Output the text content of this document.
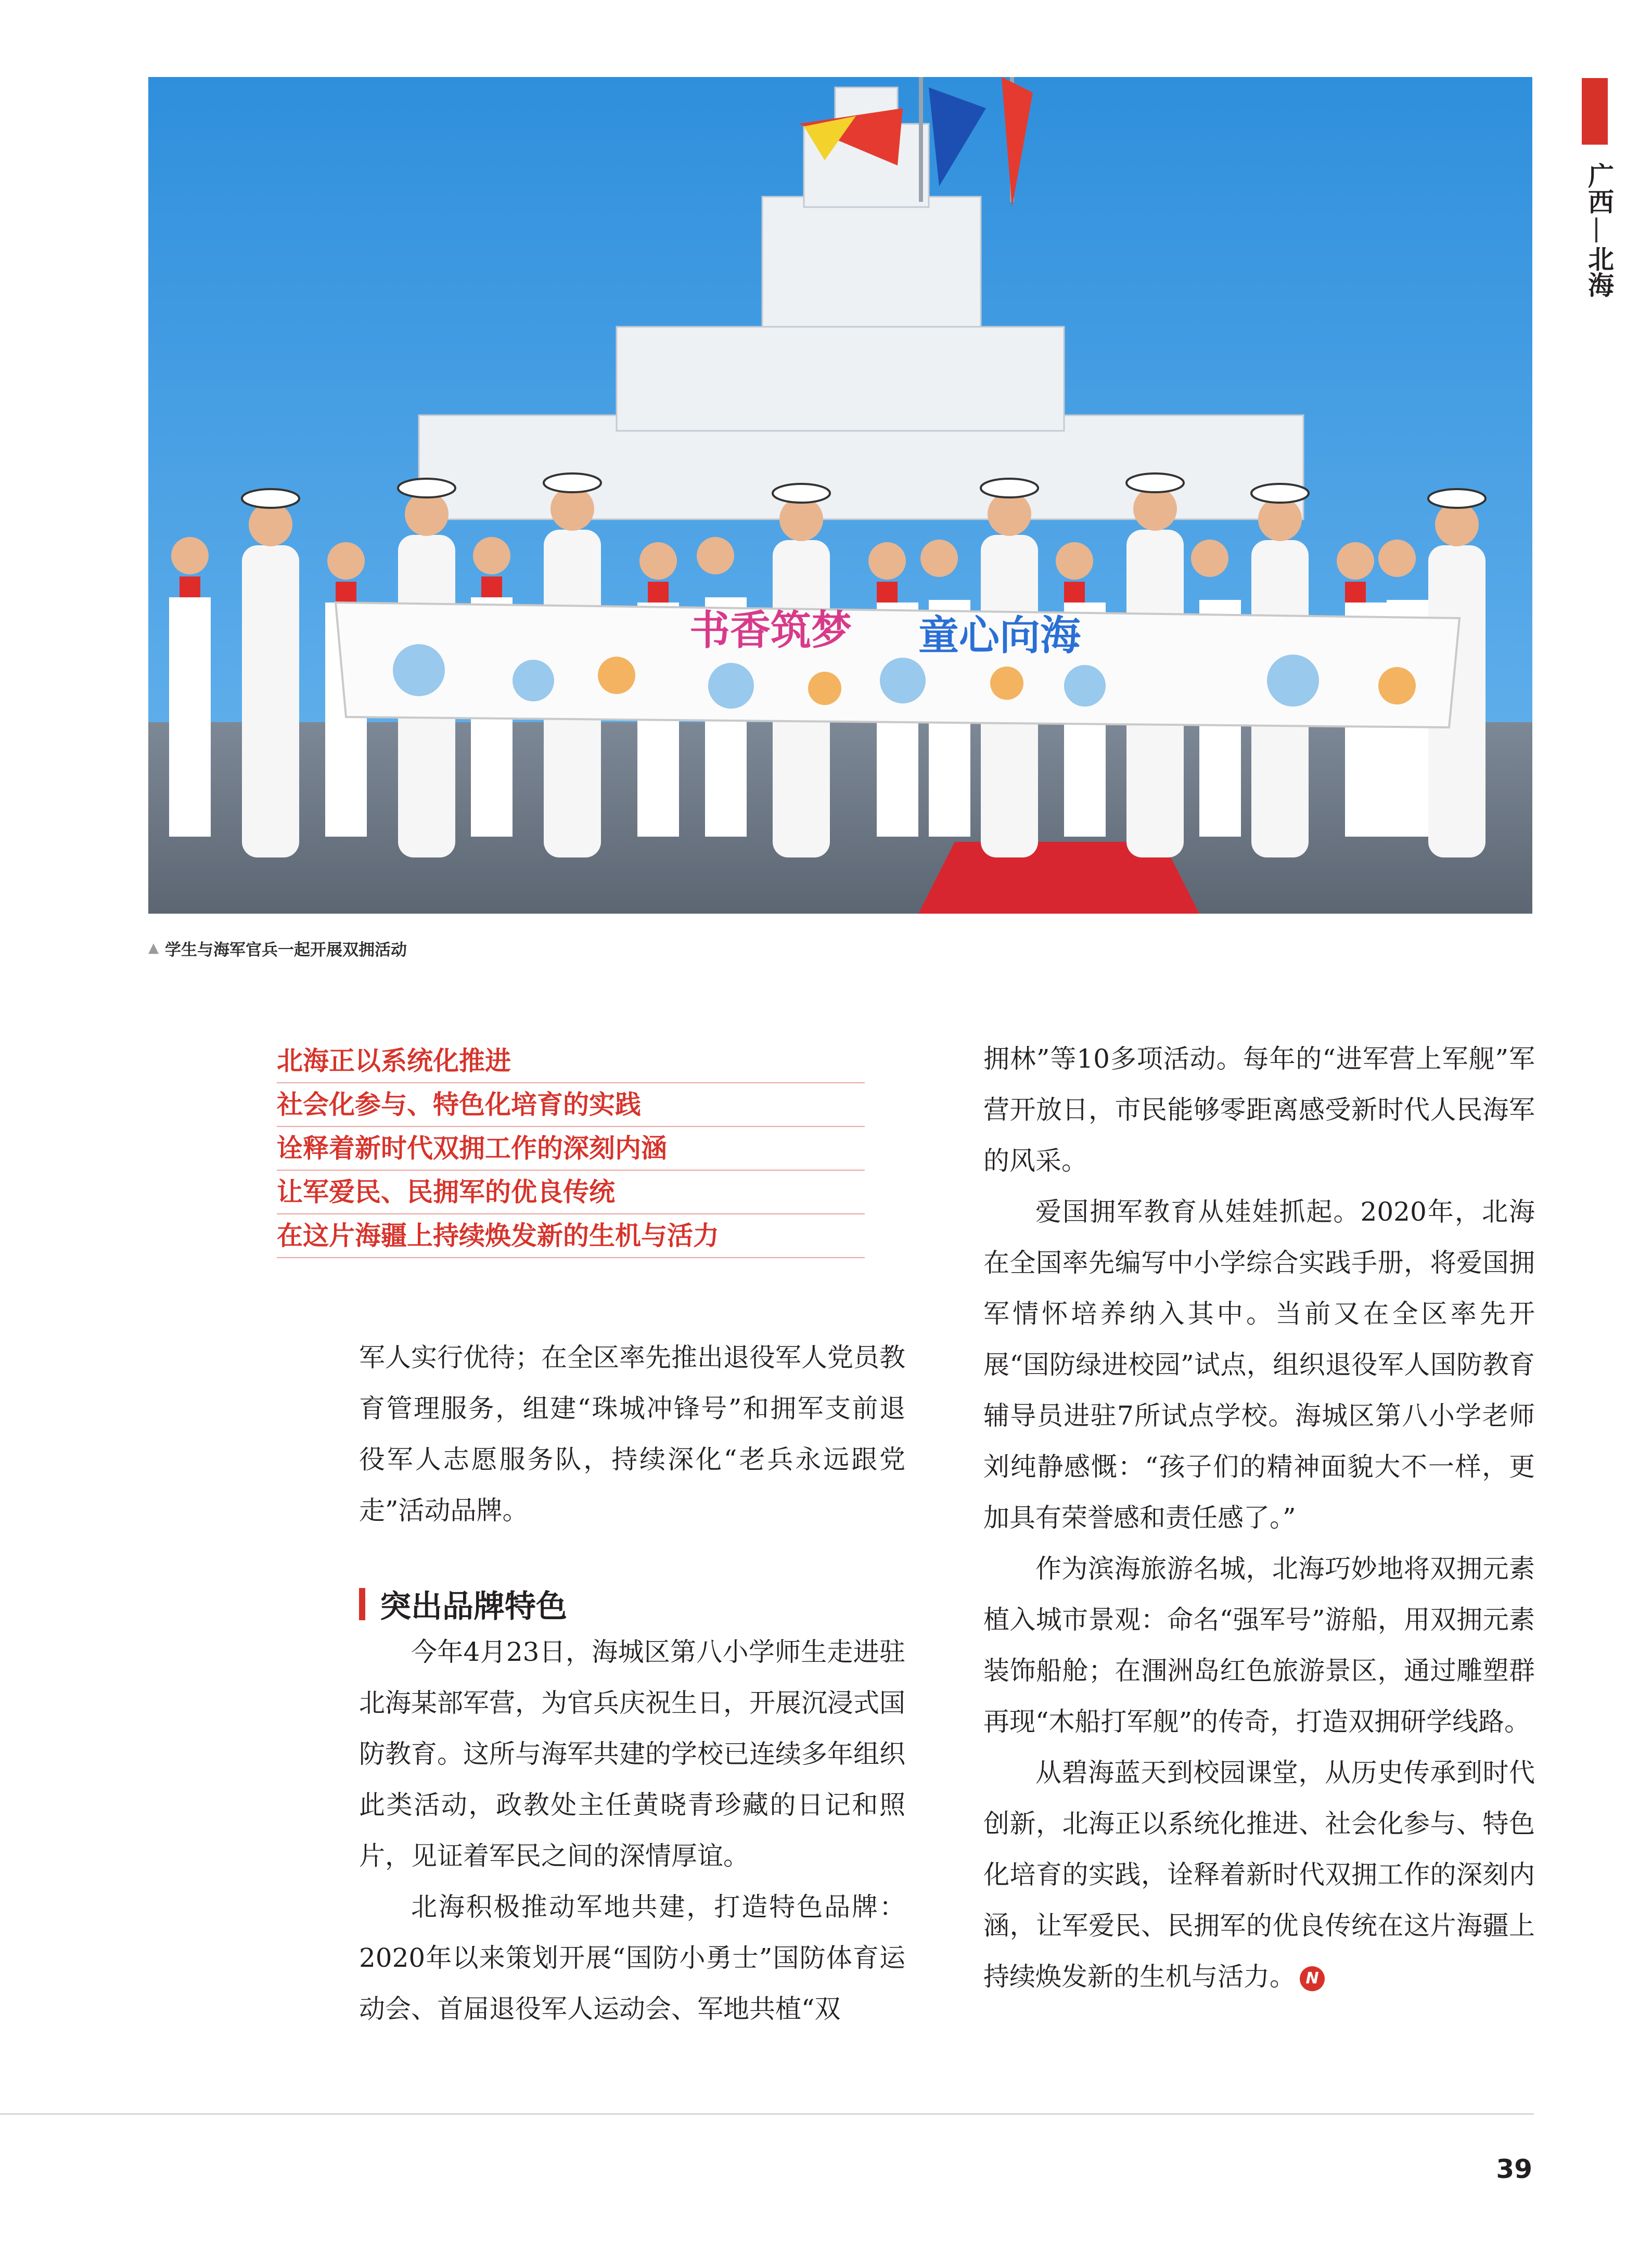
书香筑梦 童心向海
▲ 学生与海军官兵一起开展双拥活动
广西
北海
北海正以系统化推进
社会化参与、特色化培育的实践
诠释着新时代双拥工作的深刻内涵
让军爱民、民拥军的优良传统
在这片海疆上持续焕发新的生机与活力

军人实行优待；在全区率先推出退役军人党员教育管理服务，组建“珠城冲锋号”和拥军支前退役军人志愿服务队，持续深化“老兵永远跟党走”活动品牌。

突出品牌特色

今年4月23日，海城区第八小学师生走进驻北海某部军营，为官兵庆祝生日，开展沉浸式国防教育。这所与海军共建的学校已连续多年组织此类活动，政教处主任黄晓青珍藏的日记和照片，见证着军民之间的深情厚谊。

北海积极推动军地共建，打造特色品牌：2020年以来策划开展“国防小勇士”国防体育运动会、首届退役军人运动会、军地共植“双

拥林”等10多项活动。每年的“进军营上军舰”军营开放日，市民能够零距离感受新时代人民海军的风采。

爱国拥军教育从娃娃抓起。2020年，北海在全国率先编写中小学综合实践手册，将爱国拥军情怀培养纳入其中。当前又在全区率先开展“国防绿进校园”试点，组织退役军人国防教育辅导员进驻7所试点学校。海城区第八小学老师刘纯静感慨：“孩子们的精神面貌大不一样，更加具有荣誉感和责任感了。”

作为滨海旅游名城，北海巧妙地将双拥元素植入城市景观：命名“强军号”游船，用双拥元素装饰船舱；在涠洲岛红色旅游景区，通过雕塑群再现“木船打军舰”的传奇，打造双拥研学线路。

从碧海蓝天到校园课堂，从历史传承到时代创新，北海正以系统化推进、社会化参与、特色化培育的实践，诠释着新时代双拥工作的深刻内涵，让军爱民、民拥军的优良传统在这片海疆上持续焕发新的生机与活力。 N

39
